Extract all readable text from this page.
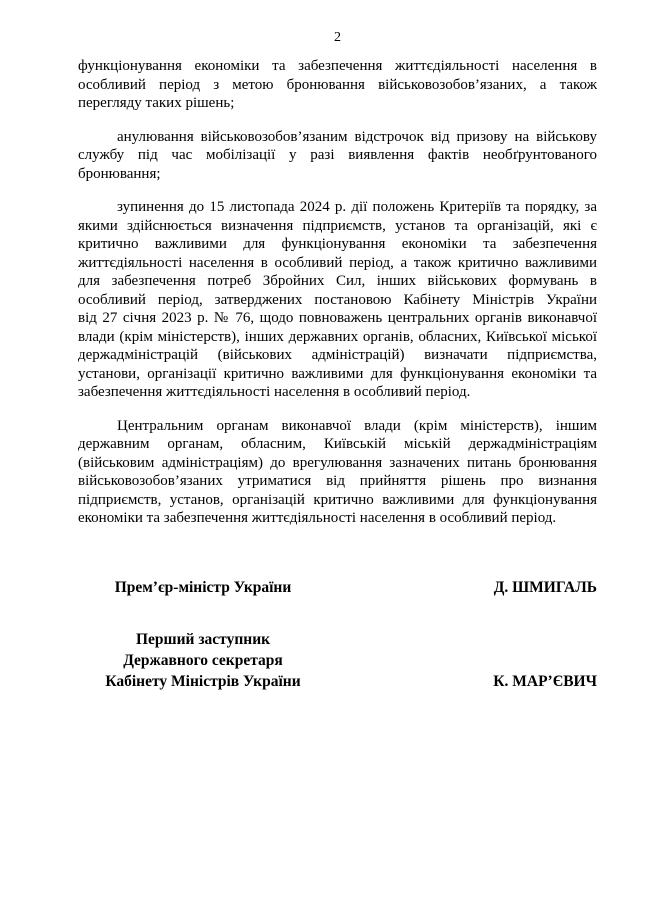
2
функціонування економіки та забезпечення життєдіяльності населення в
особливий період з метою бронювання військовозобов’язаних, а також
перегляду таких рішень;
анулювання військовозобов’язаним відстрочок від призову на військову
службу під час мобілізації у разі виявлення фактів необґрунтованого
бронювання;
зупинення до 15 листопада 2024 р. дії положень Критеріїв та порядку, за
якими здійснюється визначення підприємств, установ та організацій, які є
критично важливими для функціонування економіки та забезпечення
життєдіяльності населення в особливий період, а також критично важливими
для забезпечення потреб Збройних Сил, інших військових формувань в
особливий період, затверджених постановою Кабінету Міністрів України
від 27 січня 2023 р. № 76, щодо повноважень центральних органів виконавчої
влади (крім міністерств), інших державних органів, обласних, Київської міської
держадміністрацій (військових адміністрацій) визначати підприємства,
установи, організації критично важливими для функціонування економіки та
забезпечення життєдіяльності населення в особливий період.
Центральним органам виконавчої влади (крім міністерств), іншим
державним органам, обласним, Київській міській держадміністраціям
(військовим адміністраціям) до врегулювання зазначених питань бронювання
військовозобов’язаних утриматися від прийняття рішень про визнання
підприємств, установ, організацій критично важливими для функціонування
економіки та забезпечення життєдіяльності населення в особливий період.
Прем’єр-міністр України	Д. ШМИГАЛЬ
Перший заступник
Державного секретаря
Кабінету Міністрів України	К. МАР’ЄВИЧ
